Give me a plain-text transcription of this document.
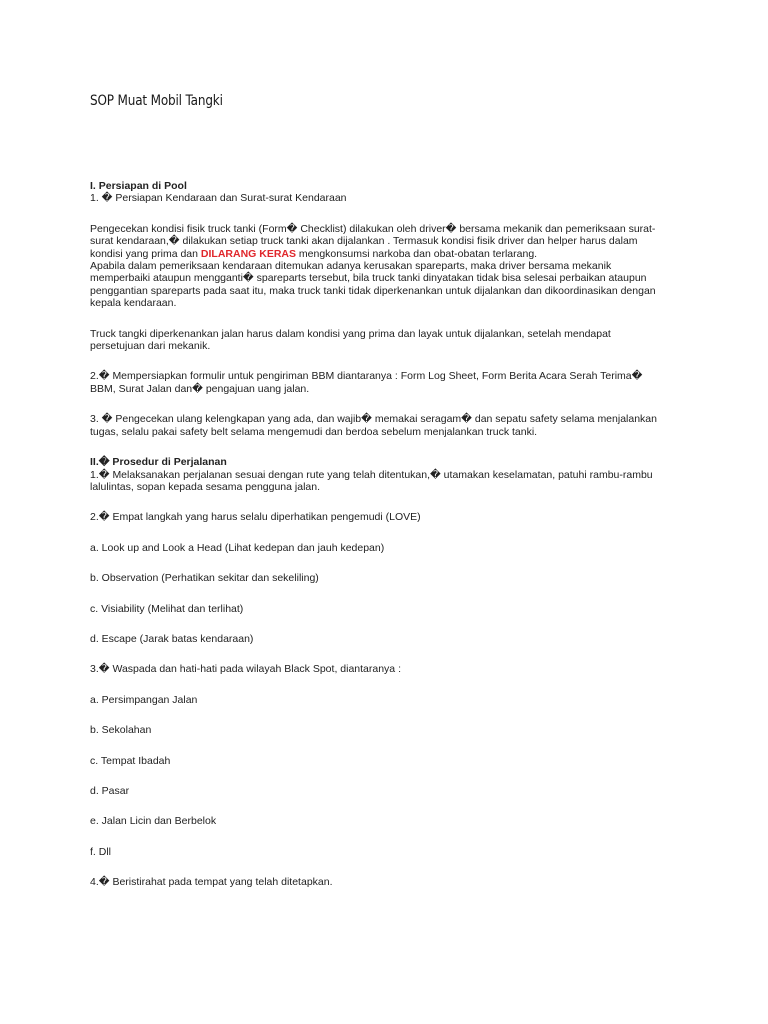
SOP Muat Mobil Tangki

I. Persiapan di Pool

1. � Persiapan Kendaraan dan Surat-surat Kendaraan

Pengecekan kondisi fisik truck tanki (Form� Checklist) dilakukan oleh driver� bersama mekanik dan pemeriksaan surat-

surat kendaraan,� dilakukan setiap truck tanki akan dijalankan . Termasuk kondisi fisik driver dan helper harus dalam

kondisi yang prima dan DILARANG KERAS mengkonsumsi narkoba dan obat-obatan terlarang.

Apabila dalam pemeriksaan kendaraan ditemukan adanya kerusakan spareparts, maka driver bersama mekanik

memperbaiki ataupun mengganti� spareparts tersebut, bila truck tanki dinyatakan tidak bisa selesai perbaikan ataupun

penggantian spareparts pada saat itu, maka truck tanki tidak diperkenankan untuk dijalankan dan dikoordinasikan dengan

kepala kendaraan.

Truck tangki diperkenankan jalan harus dalam kondisi yang prima dan layak untuk dijalankan, setelah mendapat

persetujuan dari mekanik.

2.� Mempersiapkan formulir untuk pengiriman BBM diantaranya : Form Log Sheet, Form Berita Acara Serah Terima�

BBM, Surat Jalan dan� pengajuan uang jalan.

3. � Pengecekan ulang kelengkapan yang ada, dan wajib� memakai seragam� dan sepatu safety selama menjalankan

tugas, selalu pakai safety belt selama mengemudi dan berdoa sebelum menjalankan truck tanki.

II.� Prosedur di Perjalanan

1.� Melaksanakan perjalanan sesuai dengan rute yang telah ditentukan,� utamakan keselamatan, patuhi rambu-rambu

lalulintas, sopan kepada sesama pengguna jalan.

2.� Empat langkah yang harus selalu diperhatikan pengemudi (LOVE)

a. Look up and Look a Head (Lihat kedepan dan jauh kedepan)

b. Observation (Perhatikan sekitar dan sekeliling)

c. Visiability (Melihat dan terlihat)

d. Escape (Jarak batas kendaraan)

3.� Waspada dan hati-hati pada wilayah Black Spot, diantaranya :

a. Persimpangan Jalan

b. Sekolahan

c. Tempat Ibadah

d. Pasar

e. Jalan Licin dan Berbelok

f. Dll

4.� Beristirahat pada tempat yang telah ditetapkan.
